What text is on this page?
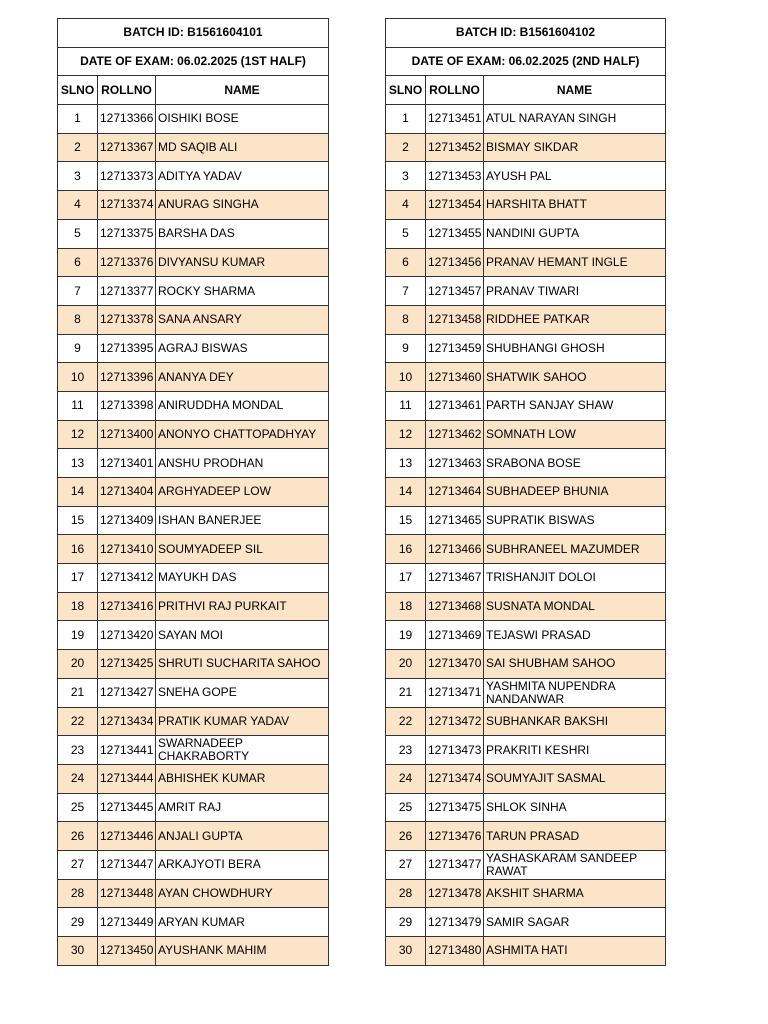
BATCH ID: B1561604101		
DATE OF EXAM: 06.02.2025 (1ST HALF)		
SLNO	ROLLNO	NAME
1	12713366	OISHIKI BOSE
2	12713367	MD SAQIB ALI
3	12713373	ADITYA YADAV
4	12713374	ANURAG SINGHA
5	12713375	BARSHA DAS
6	12713376	DIVYANSU KUMAR
7	12713377	ROCKY SHARMA
8	12713378	SANA ANSARY
9	12713395	AGRAJ BISWAS
10	12713396	ANANYA DEY
11	12713398	ANIRUDDHA MONDAL
12	12713400	ANONYO CHATTOPADHYAY
13	12713401	ANSHU PRODHAN
14	12713404	ARGHYADEEP LOW
15	12713409	ISHAN BANERJEE
16	12713410	SOUMYADEEP SIL
17	12713412	MAYUKH DAS
18	12713416	PRITHVI RAJ PURKAIT
19	12713420	SAYAN MOI
20	12713425	SHRUTI SUCHARITA SAHOO
21	12713427	SNEHA GOPE
22	12713434	PRATIK KUMAR YADAV
23	12713441	SWARNADEEP CHAKRABORTY
24	12713444	ABHISHEK KUMAR
25	12713445	AMRIT RAJ
26	12713446	ANJALI GUPTA
27	12713447	ARKAJYOTI BERA
28	12713448	AYAN CHOWDHURY
29	12713449	ARYAN KUMAR
30	12713450	AYUSHANK MAHIM
BATCH ID: B1561604102		
DATE OF EXAM: 06.02.2025 (2ND HALF)		
SLNO	ROLLNO	NAME
1	12713451	ATUL NARAYAN SINGH
2	12713452	BISMAY SIKDAR
3	12713453	AYUSH PAL
4	12713454	HARSHITA BHATT
5	12713455	NANDINI GUPTA
6	12713456	PRANAV HEMANT INGLE
7	12713457	PRANAV TIWARI
8	12713458	RIDDHEE PATKAR
9	12713459	SHUBHANGI GHOSH
10	12713460	SHATWIK SAHOO
11	12713461	PARTH SANJAY SHAW
12	12713462	SOMNATH LOW
13	12713463	SRABONA BOSE
14	12713464	SUBHADEEP BHUNIA
15	12713465	SUPRATIK BISWAS
16	12713466	SUBHRANEEL MAZUMDER
17	12713467	TRISHANJIT DOLOI
18	12713468	SUSNATA MONDAL
19	12713469	TEJASWI PRASAD
20	12713470	SAI SHUBHAM SAHOO
21	12713471	YASHMITA NUPENDRA NANDANWAR
22	12713472	SUBHANKAR BAKSHI
23	12713473	PRAKRITI KESHRI
24	12713474	SOUMYAJIT SASMAL
25	12713475	SHLOK SINHA
26	12713476	TARUN PRASAD
27	12713477	YASHASKARAM SANDEEP RAWAT
28	12713478	AKSHIT SHARMA
29	12713479	SAMIR SAGAR
30	12713480	ASHMITA HATI
